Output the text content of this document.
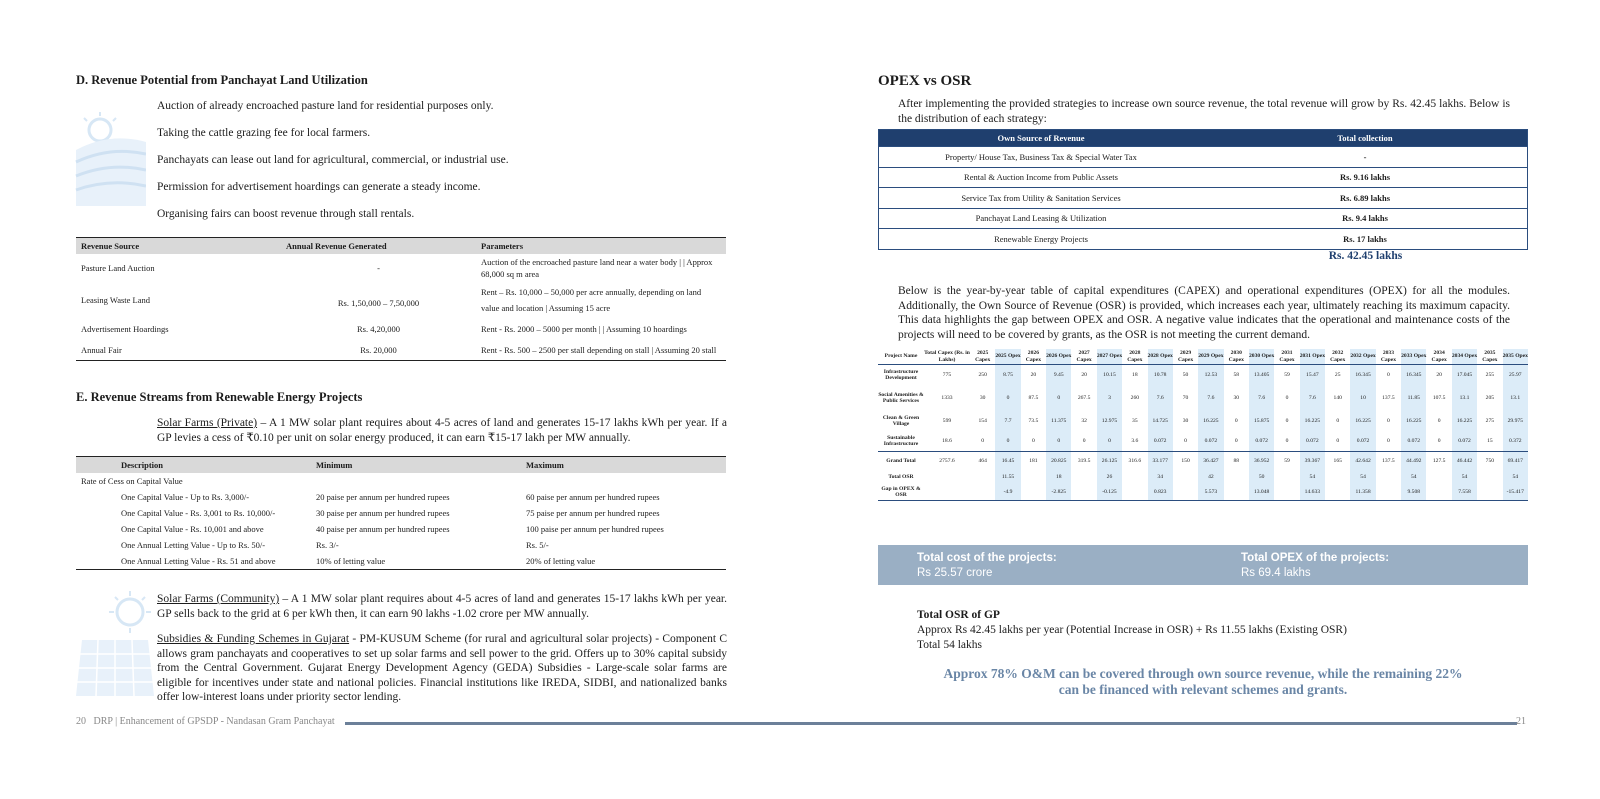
D. Revenue Potential from Panchayat Land Utilization
Auction of already encroached pasture land for residential purposes only.
Taking the cattle grazing fee for local farmers.
Panchayats can lease out land for agricultural, commercial, or industrial use.
Permission for advertisement hoardings can generate a steady income.
Organising fairs can boost revenue through stall rentals.
Revenue Source	Annual Revenue Generated	Parameters
Pasture Land Auction	-	Auction of the encroached pasture land near a water body | | Approx 68,000 sq m area
Leasing Waste Land	Rs. 1,50,000 – 7,50,000	Rent – Rs. 10,000 – 50,000 per acre annually, depending on land value and location | Assuming 15 acre
Advertisement Hoardings	Rs. 4,20,000	Rent - Rs. 2000 – 5000 per month | | Assuming 10 hoardings
Annual Fair	Rs. 20,000	Rent - Rs. 500 – 2500 per stall depending on stall | Assuming 20 stall
E. Revenue Streams from Renewable Energy Projects
Solar Farms (Private) – A 1 MW solar plant requires about 4-5 acres of land and generates 15-17 lakhs kWh per year. If a GP levies a cess of ₹0.10 per unit on solar energy produced, it can earn ₹15-17 lakh per MW annually.
Description	Minimum	Maximum
Rate of Cess on Capital Value		
One Capital Value - Up to Rs. 3,000/-	20 paise per annum per hundred rupees	60 paise per annum per hundred rupees
One Capital Value - Rs. 3,001 to Rs. 10,000/-	30 paise per annum per hundred rupees	75 paise per annum per hundred rupees
One Capital Value - Rs. 10,001 and above	40 paise per annum per hundred rupees	100 paise per annum per hundred rupees
One Annual Letting Value - Up to Rs. 50/-	Rs. 3/-	Rs. 5/-
One Annual Letting Value - Rs. 51 and above	10% of letting value	20% of letting value
Solar Farms (Community) – A 1 MW solar plant requires about 4-5 acres of land and generates 15-17 lakhs kWh per year. GP sells back to the grid at 6 per kWh then, it can earn 90 lakhs -1.02 crore per MW annually.
Subsidies & Funding Schemes in Gujarat - PM-KUSUM Scheme (for rural and agricultural solar projects) - Component C allows gram panchayats and cooperatives to set up solar farms and sell power to the grid. Offers up to 30% capital subsidy from the Central Government. Gujarat Energy Development Agency (GEDA) Subsidies - Large-scale solar farms are eligible for incentives under state and national policies. Financial institutions like IREDA, SIDBI, and nationalized banks offer low-interest loans under priority sector lending.
20 DRP | Enhancement of GPSDP - Nandasan Gram Panchayat	21
OPEX vs OSR
After implementing the provided strategies to increase own source revenue, the total revenue will grow by Rs. 42.45 lakhs. Below is the distribution of each strategy:
Own Source of Revenue	Total collection
Property/ House Tax, Business Tax & Special Water Tax	-
Rental & Auction Income from Public Assets	Rs. 9.16 lakhs
Service Tax from Utility & Sanitation Services	Rs. 6.89 lakhs
Panchayat Land Leasing & Utilization	Rs. 9.4 lakhs
Renewable Energy Projects	Rs. 17 lakhs
Rs. 42.45 lakhs
Below is the year-by-year table of capital expenditures (CAPEX) and operational expenditures (OPEX) for all the modules. Additionally, the Own Source of Revenue (OSR) is provided, which increases each year, ultimately reaching its maximum capacity. This data highlights the gap between OPEX and OSR. A negative value indicates that the operational and maintenance costs of the projects will need to be covered by grants, as the OSR is not meeting the current demand.
Project Name	Total Capex (Rs. in Lakhs)	2025 Capex	2025 Opex	2026 Capex	2026 Opex	2027 Capex	2027 Opex	2028 Capex	2028 Opex	2029 Capex	2029 Opex	2030 Capex	2030 Opex	2031 Capex	2031 Opex	2032 Capex	2032 Opex	2033 Capex	2033 Opex	2034 Capex	2034 Opex	2035 Capex	2035 Opex
Infrastructure Development	775	250	8.75	20	9.45	20	10.15	18	10.78	50	12.53	58	13.405	59	15.47	25	16.345	0	16.345	20	17.045	255	25.97
Social Amenities & Public Services	1333	30	0	87.5	0	267.5	3	260	7.6	70	7.6	30	7.6	0	7.6	140	10	137.5	11.85	107.5	13.1	205	13.1
Clean & Green Village	599	154	7.7	73.5	11.375	32	12.975	35	14.725	30	16.225	0	15.875	0	16.225	0	16.225	0	16.225	0	16.225	275	29.975
Sustainable Infrastructure	18.6	0	0	0	0	0	0	3.6	0.072	0	0.072	0	0.072	0	0.072	0	0.072	0	0.072	0	0.072	15	0.372
Grand Total	2757.6	464	16.45	181	20.825	319.5	26.125	316.6	33.177	150	36.427	88	36.952	59	39.367	165	42.642	137.5	44.492	127.5	46.442	750	69.417
Total OSR			11.55		18		26		34		42		50		54		54		54		54		54
Gap in OPEX & OSR			-4.9		-2.825		-0.125		0.823		5.573		13.048		14.633		11.358		9.508		7.558		-15.417
Total cost of the projects:
Rs 25.57 crore
Total OPEX of the projects:
Rs 69.4 lakhs
Total OSR of GP
Approx Rs 42.45 lakhs per year (Potential Increase in OSR) + Rs 11.55 lakhs (Existing OSR)
Total 54 lakhs
Approx 78% O&M can be covered through own source revenue, while the remaining 22%
can be financed with relevant schemes and grants.
